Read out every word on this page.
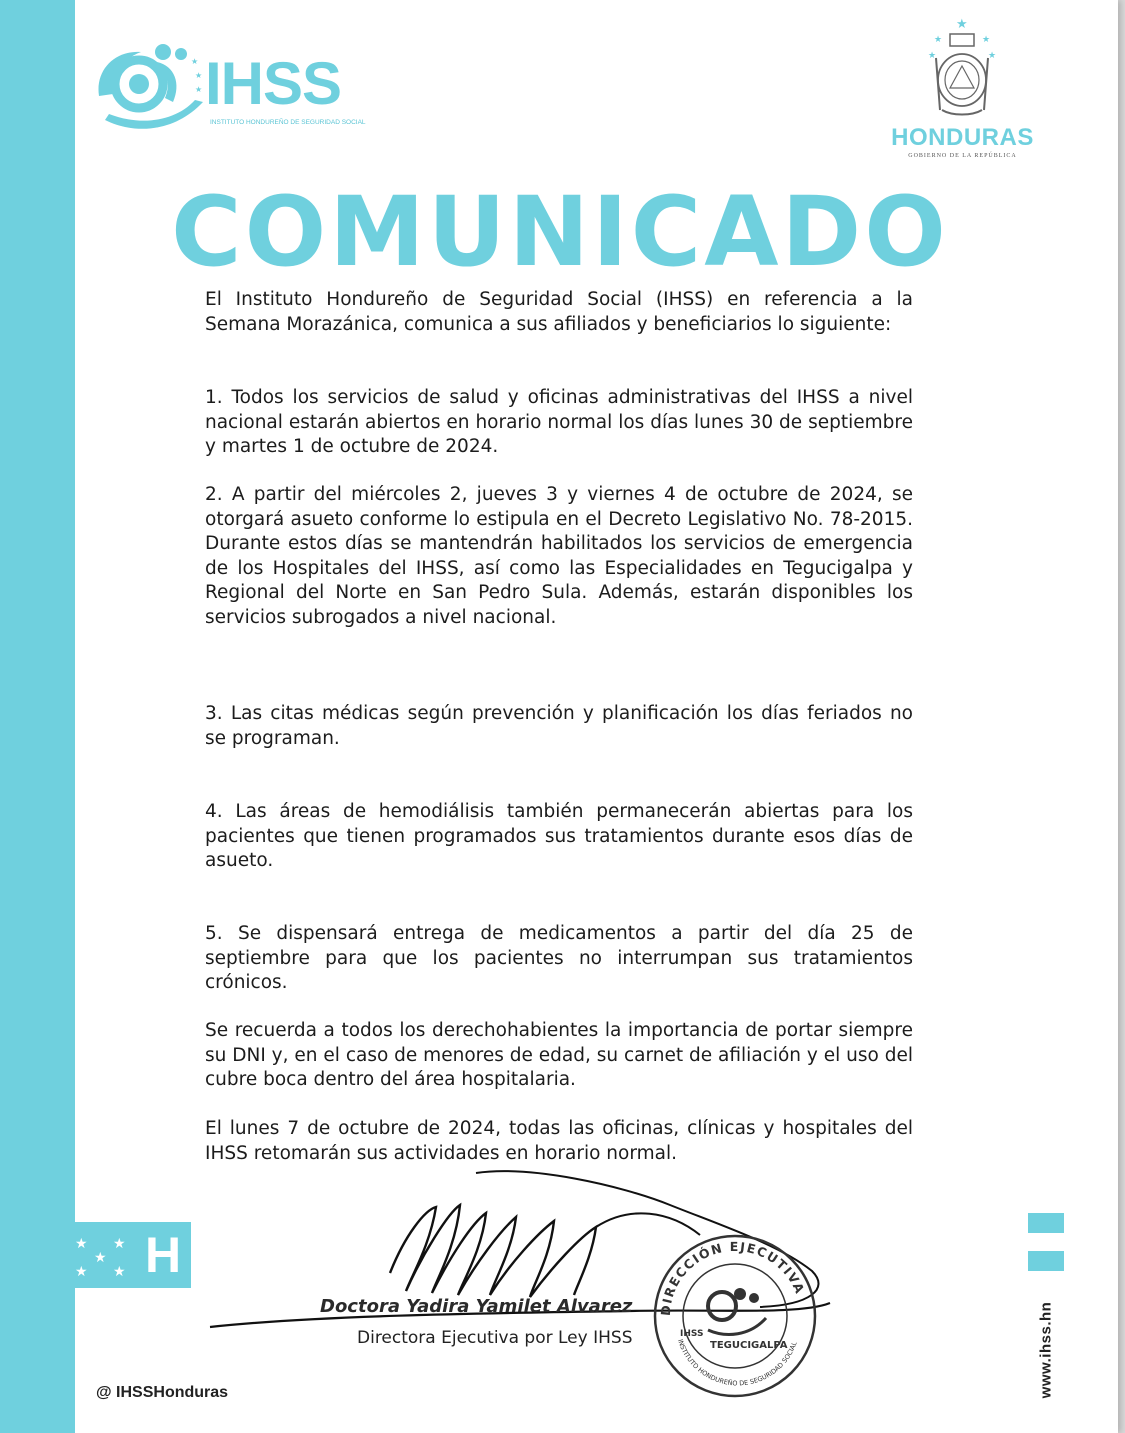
★
★
★
★ IHSS
INSTITUTO HONDUREÑO DE SEGURIDAD SOCIAL
★
★	★
★	★
HONDURAS
GOBIERNO DE LA REPÚBLICA
COMUNICADO

El Instituto Hondureño de Seguridad Social (IHSS) en referencia a la Semana Morazánica, comunica a sus afiliados y beneficiarios lo siguiente:

1. Todos los servicios de salud y oficinas administrativas del IHSS a nivel nacional estarán abiertos en horario normal los días lunes 30 de septiembre y martes 1 de octubre de 2024.

2. A partir del miércoles 2, jueves 3 y viernes 4 de octubre de 2024, se otorgará asueto conforme lo estipula en el Decreto Legislativo No. 78-2015. Durante estos días se mantendrán habilitados los servicios de emergencia de los Hospitales del IHSS, así como las Especialidades en Tegucigalpa y Regional del Norte en San Pedro Sula. Además, estarán disponibles los servicios subrogados a nivel nacional.

3. Las citas médicas según prevención y planificación los días feriados no se programan.

4. Las áreas de hemodiálisis también permanecerán abiertas para los pacientes que tienen programados sus tratamientos durante esos días de asueto.

5. Se dispensará entrega de medicamentos a partir del día 25 de septiembre para que los pacientes no interrumpan sus tratamientos crónicos.

Se recuerda a todos los derechohabientes la importancia de portar siempre su DNI y, en el caso de menores de edad, su carnet de afiliación y el uso del cubre boca dentro del área hospitalaria.

El lunes 7 de octubre de 2024, todas las oficinas, clínicas y hospitales del IHSS retomarán sus actividades en horario normal.

★ ★
★
★ ★ H
www.ihss.hn
@ IHSSHonduras
DIRECCIÓN EJECUTIVA
INSTITUTO HONDUREÑO DE SEGURIDAD SOCIAL
TEGUCIGALPA
IHSS
Doctora Yadira Yamilet Alvarez
Directora Ejecutiva por Ley IHSS
